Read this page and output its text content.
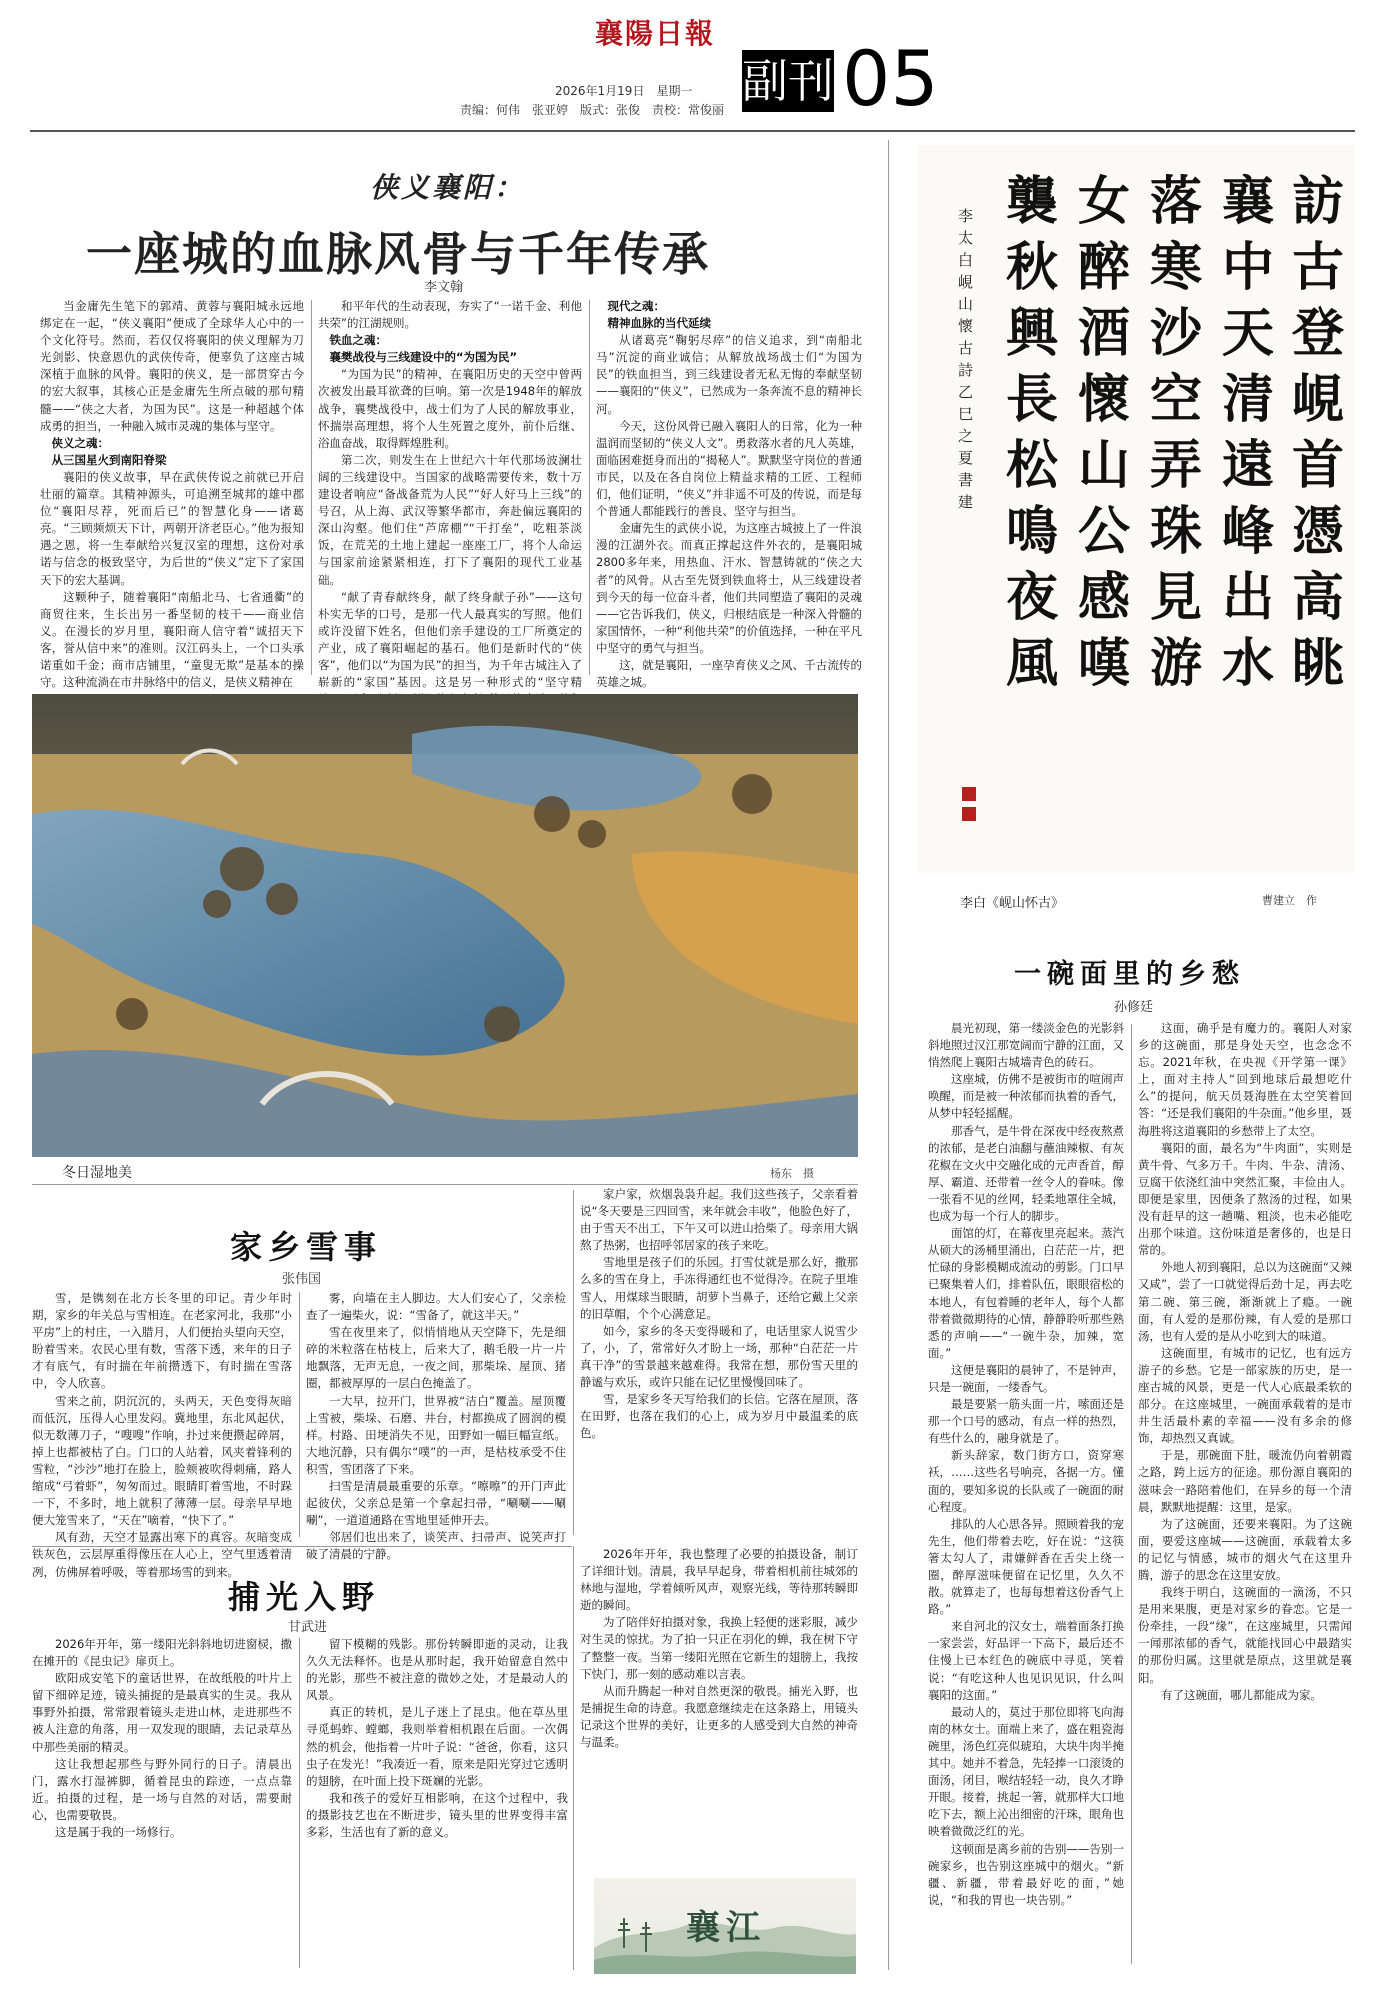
襄陽日報
2026年1月19日　星期一
责编：何伟　张亚婷　版式：张俊　责校：常俊丽
副刊 05
侠义襄阳：
一座城的血脉风骨与千年传承
李文翰

当金庸先生笔下的郭靖、黄蓉与襄阳城永远地绑定在一起，“侠义襄阳”便成了全球华人心中的一个文化符号。然而，若仅仅将襄阳的侠义理解为刀光剑影、快意恩仇的武侠传奇，便辜负了这座古城深植于血脉的风骨。襄阳的侠义，是一部贯穿古今的宏大叙事，其核心正是金庸先生所点破的那句精髓——“侠之大者，为国为民”。这是一种超越个体成勇的担当，一种融入城市灵魂的集体与坚守。

侠义之魂：

从三国星火到南阳脊梁

襄阳的侠义故事，早在武侠传说之前就已开启壮丽的篇章。其精神源头，可追溯至城邦的雄中郡位“襄阳尽荐，死而后已”的智慧化身——诸葛亮。“三顾频烦天下计，两朝开济老臣心。”他为报知遇之恩，将一生奉献给兴复汉室的理想，这份对承诺与信念的极致坚守，为后世的“侠义”定下了家国天下的宏大基调。

这颗种子，随着襄阳“南船北马、七省通衢”的商贸往来，生长出另一番坚韧的枝干——商业信义。在漫长的岁月里，襄阳商人信守着“诚招天下客，誉从信中来”的准则。汉江码头上，一个口头承诺重如千金；商市店铺里，“童叟无欺”是基本的操守。这种流淌在市井脉络中的信义，是侠义精神在

和平年代的生动表现，夯实了“一诺千金、利他共荣”的江湖规则。

铁血之魂：

襄樊战役与三线建设中的“为国为民”

“为国为民”的精神，在襄阳历史的天空中曾两次被发出最耳欲聋的巨响。第一次是1948年的解放战争，襄樊战役中，战士们为了人民的解放事业，怀揣崇高理想，将个人生死置之度外，前仆后继、浴血奋战，取得辉煌胜利。

第二次，则发生在上世纪六十年代那场波澜壮阔的三线建设中。当国家的战略需要传来，数十万建设者响应“备战备荒为人民”“好人好马上三线”的号召，从上海、武汉等繁华都市，奔赴偏远襄阳的深山沟壑。他们住“芦席棚”“干打垒”，吃粗茶淡饭，在荒芜的土地上建起一座座工厂，将个人命运与国家前途紧紧相连，打下了襄阳的现代工业基础。

“献了青春献终身，献了终身献子孙”——这句朴实无华的口号，是那一代人最真实的写照。他们或许没留下姓名，但他们亲手建设的工厂所奠定的产业，成了襄阳崛起的基石。他们是新时代的“侠客”，他们以“为国为民”的担当，为千年古城注入了崭新的“家国”基因。这是另一种形式的“坚守精

现代之魂：

精神血脉的当代延续

从诸葛亮“鞠躬尽瘁”的信义追求，到“南船北马”沉淀的商业诚信；从解放战场战士们“为国为民”的铁血担当，到三线建设者无私无悔的奉献坚韧——襄阳的“侠义”，已然成为一条奔流不息的精神长河。

今天，这份风骨已融入襄阳人的日常，化为一种温润而坚韧的“侠义人文”。勇救落水者的凡人英雄，面临困难挺身而出的“揭秘人”。默默坚守岗位的普通市民，以及在各自岗位上精益求精的工匠、工程师们，他们证明，“侠义”并非遥不可及的传说，而是每个普通人都能践行的善良、坚守与担当。

金庸先生的武侠小说，为这座古城披上了一件浪漫的江湖外衣。而真正撑起这件外衣的，是襄阳城2800多年来，用热血、汗水、智慧铸就的“侠之大者”的风骨。从古至先贤到铁血将士，从三线建设者到今天的每一位奋斗者，他们共同塑造了襄阳的灵魂——它告诉我们，侠义，归根结底是一种深入骨髓的家国情怀，一种“利他共荣”的价值选择，一种在平凡中坚守的勇气与担当。

这，就是襄阳，一座孕育侠义之风、千古流传的英雄之城。

冬日湿地美	杨东　摄
訪古登峴首憑高眺
襄中天清遠峰出水
落寒沙空弄珠見游
女醉酒懷山公感嘆
襲秋興長松鳴夜風
李太白峴山懷古詩乙巳之夏　書建
李白《岘山怀古》	曹建立　作
一碗面里的乡愁
孙修廷

晨光初现，第一缕淡金色的光影斜斜地照过汉江那宽阔而宁静的江面，又悄然爬上襄阳古城墙青色的砖石。

这座城，仿佛不是被街市的喧闹声唤醒，而是被一种浓郁而执着的香气，从梦中轻轻摇醒。

那香气，是牛骨在深夜中经夜熬煮的浓郁，是老白油翻与蘸油辣椒、有灰花椒在文火中交融化成的元声香首，醇厚、霸道、还带着一丝令人的眷味。像一张看不见的丝网，轻柔地罩住全城，也成为每一个行人的脚步。

面馆的灯，在幕夜里亮起来。蒸汽从硕大的汤桶里涌出，白茫茫一片，把忙碌的身影模糊成流动的剪影。门口早已聚集着人们，排着队伍，眼眼宿松的本地人，有包着睡的老年人，每个人都带着微微期待的心情，静静聆听那些熟悉的声响——“一碗牛杂，加辣，宽面。”

这便是襄阳的晨钟了，不是钟声，只是一碗面，一缕香气。

最是要紧一筋头面一片，嗦面还是那一个口号的感动，有点一样的热烈，有些什么的，融身就是了。

新头辞家，数门街方口，资穿寒袄，……这些名号响亮，各据一方。懂面的，要知多说的长队或了一碗面的耐心程度。

排队的人心思各异。照顾着我的宠先生，他们带着去吃，好在说：“这筷箸太勾人了，肃嫌鲜香在舌尖上绕一圈，醉厚滋味便留在记忆里，久久不散。就算走了，也每每想着这份香气上路。”

来自河北的汉女士，端着面条打换一家尝尝，好品评一下高下，最后还不住慢上已本红色的碗底中寻觅，笑着说：“有吃这种人也见识见识，什么叫襄阳的这面。”

最动人的，莫过于那位即将飞向海南的林女士。面端上来了，盛在粗瓷海碗里，汤色红亮似琥珀，大块牛肉半掩其中。她并不着急，先轻捧一口滚烫的面汤，闭目，喉结轻轻一动，良久才睁开眼。接着，挑起一箸，就那样大口地吃下去，额上沁出细密的汗珠，眼角也映着微微泛红的光。

这顿面是离乡前的告别——告别一碗家乡，也告别这座城中的烟火。“新疆、新疆，带着最好吃的面，”她说，“和我的胃也一块告别。”

这面，确乎是有魔力的。襄阳人对家乡的这碗面，那是身处天空，也念念不忘。2021年秋，在央视《开学第一课》上，面对主持人“回到地球后最想吃什么”的提问，航天员聂海胜在太空笑着回答：“还是我们襄阳的牛杂面。”他乡里，聂海胜将这道襄阳的乡愁带上了太空。

襄阳的面，最名为“牛肉面”，实则是黄牛骨、气多万千。牛肉、牛杂、清汤、豆腐干依浇红油中突然汇聚，丰俭由人。即便是家里，因便条了熬汤的过程，如果没有赶早的这一趟嘴、粗淡，也未必能吃出那个味道。这份味道是奢侈的，也是日常的。

外地人初到襄阳，总以为这碗面“又辣又咸”，尝了一口就觉得后劲十足，再去吃第二碗、第三碗，渐渐就上了瘾。一碗面，有人爱的是那份辣，有人爱的是那口汤，也有人爱的是从小吃到大的味道。

这碗面里，有城市的记忆，也有远方游子的乡愁。它是一部家族的历史，是一座古城的风景，更是一代人心底最柔软的部分。在这座城里，一碗面承载着的是市井生活最朴素的幸福——没有多余的修饰，却热烈又真诚。

于是，那碗面下肚，暖流仍向着朝霞之路，跨上远方的征途。那份源自襄阳的滋味会一路陪着他们，在异乡的每一个清晨，默默地提醒：这里，是家。

为了这碗面，还要来襄阳。为了这碗面，要爱这座城——这碗面，承载着太多的记忆与情感，城市的烟火气在这里升腾，游子的思念在这里安放。

我终于明白，这碗面的一滴汤，不只是用来果腹，更是对家乡的眷恋。它是一份牵挂，一段“缘”，在这座城里，只需闻一闻那浓郁的香气，就能找回心中最踏实的那份归属。这里就是原点，这里就是襄阳。

有了这碗面，哪儿都能成为家。

家乡雪事
张伟国

雪，是镌刻在北方长冬里的印记。青少年时期，家乡的年关总与雪相连。在老家河北，我那“小平房”上的村庄，一入腊月，人们便抬头望向天空，盼着雪来。农民心里有数，雪落下透，来年的日子才有底气，有时揣在年前攒透下，有时揣在雪落中，令人欣喜。

雪来之前，阴沉沉的，头两天，天色变得灰暗而低沉，压得人心里发闷。冀地里，东北风起伏，似无数薄刀子，“嗖嗖”作响，扑过来便攒起碎屑，掉上也都被枯了白。门口的人站着，风夹着锋利的雪粒，“沙沙”地打在脸上，脸颊被吹得刺痛，路人缩成“弓着虾”，匆匆而过。眼睛盯着雪地，不时跺一下，不多时，地上就积了薄薄一层。母亲早早地便大笼雪来了，“天在”嘀着，“快下了。”

风有劲，天空才显露出寒下的真容。灰暗变成铁灰色，云层厚重得像压在人心上，空气里透着清冽，仿佛屏着呼吸，等着那场雪的到来。

雾，向墙在主人脚边。大人们安心了，父亲检查了一遍柴火，说：“雪备了，就这半天。”

雪在夜里来了，似悄悄地从天空降下，先是细碎的米粒落在枯枝上，后来大了，鹅毛般一片一片地飘落，无声无息，一夜之间，那柴垛、屋顶、猪圈，都被厚厚的一层白色掩盖了。

一大早，拉开门，世界被“洁白”覆盖。屋顶覆上雪被，柴垛、石磨、井台，村都换成了圆润的模样。村路、田埂消失不见，田野如一幅巨幅宣纸。大地沉静，只有偶尔“噗”的一声，是枯枝承受不住积雪，雪团落了下来。

扫雪是清晨最重要的乐章。“嚓嚓”的开门声此起彼伏，父亲总是第一个拿起扫帚，“唰唰——唰唰”，一道道通路在雪地里延伸开去。

邻居们也出来了，谈笑声、扫帚声、说笑声打破了清晨的宁静。

家户家，炊烟袅袅升起。我们这些孩子，父亲看着说“冬天要是三四回雪，来年就会丰收”，他脸色好了，由于雪天不出工，下午又可以进山拾柴了。母亲用大锅熬了热粥，也招呼邻居家的孩子来吃。

雪地里是孩子们的乐园。打雪仗就是那么好，撒那么多的雪在身上，手冻得通红也不觉得冷。在院子里堆雪人，用煤球当眼睛，胡萝卜当鼻子，还给它戴上父亲的旧草帽，个个心满意足。

如今，家乡的冬天变得暖和了，电话里家人说雪少了，小，了，常常好久才盼上一场，那种“白茫茫一片真干净”的雪景越来越难得。我常在想，那份雪天里的静谧与欢乐，或许只能在记忆里慢慢回味了。

雪，是家乡冬天写给我们的长信。它落在屋顶，落在田野，也落在我们的心上，成为岁月中最温柔的底色。

捕光入野
甘武进

2026年开年，第一缕阳光斜斜地切进窗棂，撒在摊开的《昆虫记》扉页上。

欧阳成安笔下的童话世界，在故纸般的叶片上留下细碎足迹，镜头捕捉的是最真实的生灵。我从事野外拍摄，常常跟着镜头走进山林，走进那些不被人注意的角落，用一双发现的眼睛，去记录草丛中那些美丽的精灵。

这让我想起那些与野外同行的日子。清晨出门，露水打湿裤脚，循着昆虫的踪迹，一点点靠近。拍摄的过程，是一场与自然的对话，需要耐心，也需要敬畏。

这是属于我的一场修行。

留下模糊的残影。那份转瞬即逝的灵动，让我久久无法释怀。也是从那时起，我开始留意自然中的光影，那些不被注意的微妙之处，才是最动人的风景。

真正的转机，是儿子迷上了昆虫。他在草丛里寻觅蚂蚱、螳螂，我则举着相机跟在后面。一次偶然的机会，他指着一片叶子说：“爸爸，你看，这只虫子在发光！”我凑近一看，原来是阳光穿过它透明的翅膀，在叶面上投下斑斓的光影。

我和孩子的爱好互相影响，在这个过程中，我的摄影技艺也在不断进步，镜头里的世界变得丰富多彩，生活也有了新的意义。

2026年开年，我也整理了必要的拍摄设备，制订了详细计划。清晨，我早早起身，带着相机前往城郊的林地与湿地，学着倾听风声，观察光线，等待那转瞬即逝的瞬间。

为了陪伴好拍摄对象，我换上轻便的迷彩服，减少对生灵的惊扰。为了拍一只正在羽化的蝉，我在树下守了整整一夜。当第一缕阳光照在它新生的翅膀上，我按下快门，那一刻的感动难以言表。

从而升腾起一种对自然更深的敬畏。捕光入野，也是捕捉生命的诗意。我愿意继续走在这条路上，用镜头记录这个世界的美好，让更多的人感受到大自然的神奇与温柔。

襄江
